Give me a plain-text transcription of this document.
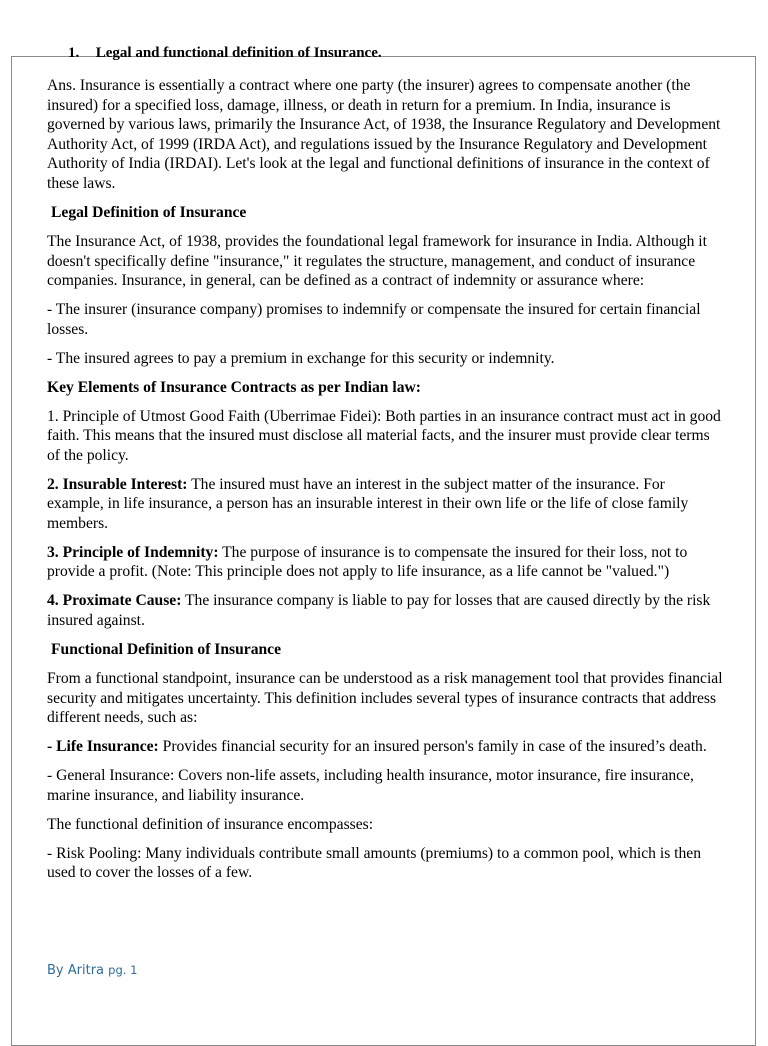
1. Legal and functional definition of Insurance.

Ans. Insurance is essentially a contract where one party (the insurer) agrees to compensate another (the insured) for a specified loss, damage, illness, or death in return for a premium. In India, insurance is governed by various laws, primarily the Insurance Act, of 1938, the Insurance Regulatory and Development Authority Act, of 1999 (IRDA Act), and regulations issued by the Insurance Regulatory and Development Authority of India (IRDAI). Let's look at the legal and functional definitions of insurance in the context of these laws.

Legal Definition of Insurance

The Insurance Act, of 1938, provides the foundational legal framework for insurance in India. Although it doesn't specifically define "insurance," it regulates the structure, management, and conduct of insurance companies. Insurance, in general, can be defined as a contract of indemnity or assurance where:

- The insurer (insurance company) promises to indemnify or compensate the insured for certain financial losses.

- The insured agrees to pay a premium in exchange for this security or indemnity.

Key Elements of Insurance Contracts as per Indian law:

1. Principle of Utmost Good Faith (Uberrimae Fidei): Both parties in an insurance contract must act in good faith. This means that the insured must disclose all material facts, and the insurer must provide clear terms of the policy.

2. Insurable Interest: The insured must have an interest in the subject matter of the insurance. For example, in life insurance, a person has an insurable interest in their own life or the life of close family members.

3. Principle of Indemnity: The purpose of insurance is to compensate the insured for their loss, not to provide a profit. (Note: This principle does not apply to life insurance, as a life cannot be "valued.")

4. Proximate Cause: The insurance company is liable to pay for losses that are caused directly by the risk insured against.

Functional Definition of Insurance

From a functional standpoint, insurance can be understood as a risk management tool that provides financial security and mitigates uncertainty. This definition includes several types of insurance contracts that address different needs, such as:

- Life Insurance: Provides financial security for an insured person's family in case of the insured’s death.

- General Insurance: Covers non-life assets, including health insurance, motor insurance, fire insurance, marine insurance, and liability insurance.

The functional definition of insurance encompasses:

- Risk Pooling: Many individuals contribute small amounts (premiums) to a common pool, which is then used to cover the losses of a few.

By Aritra pg. 1
